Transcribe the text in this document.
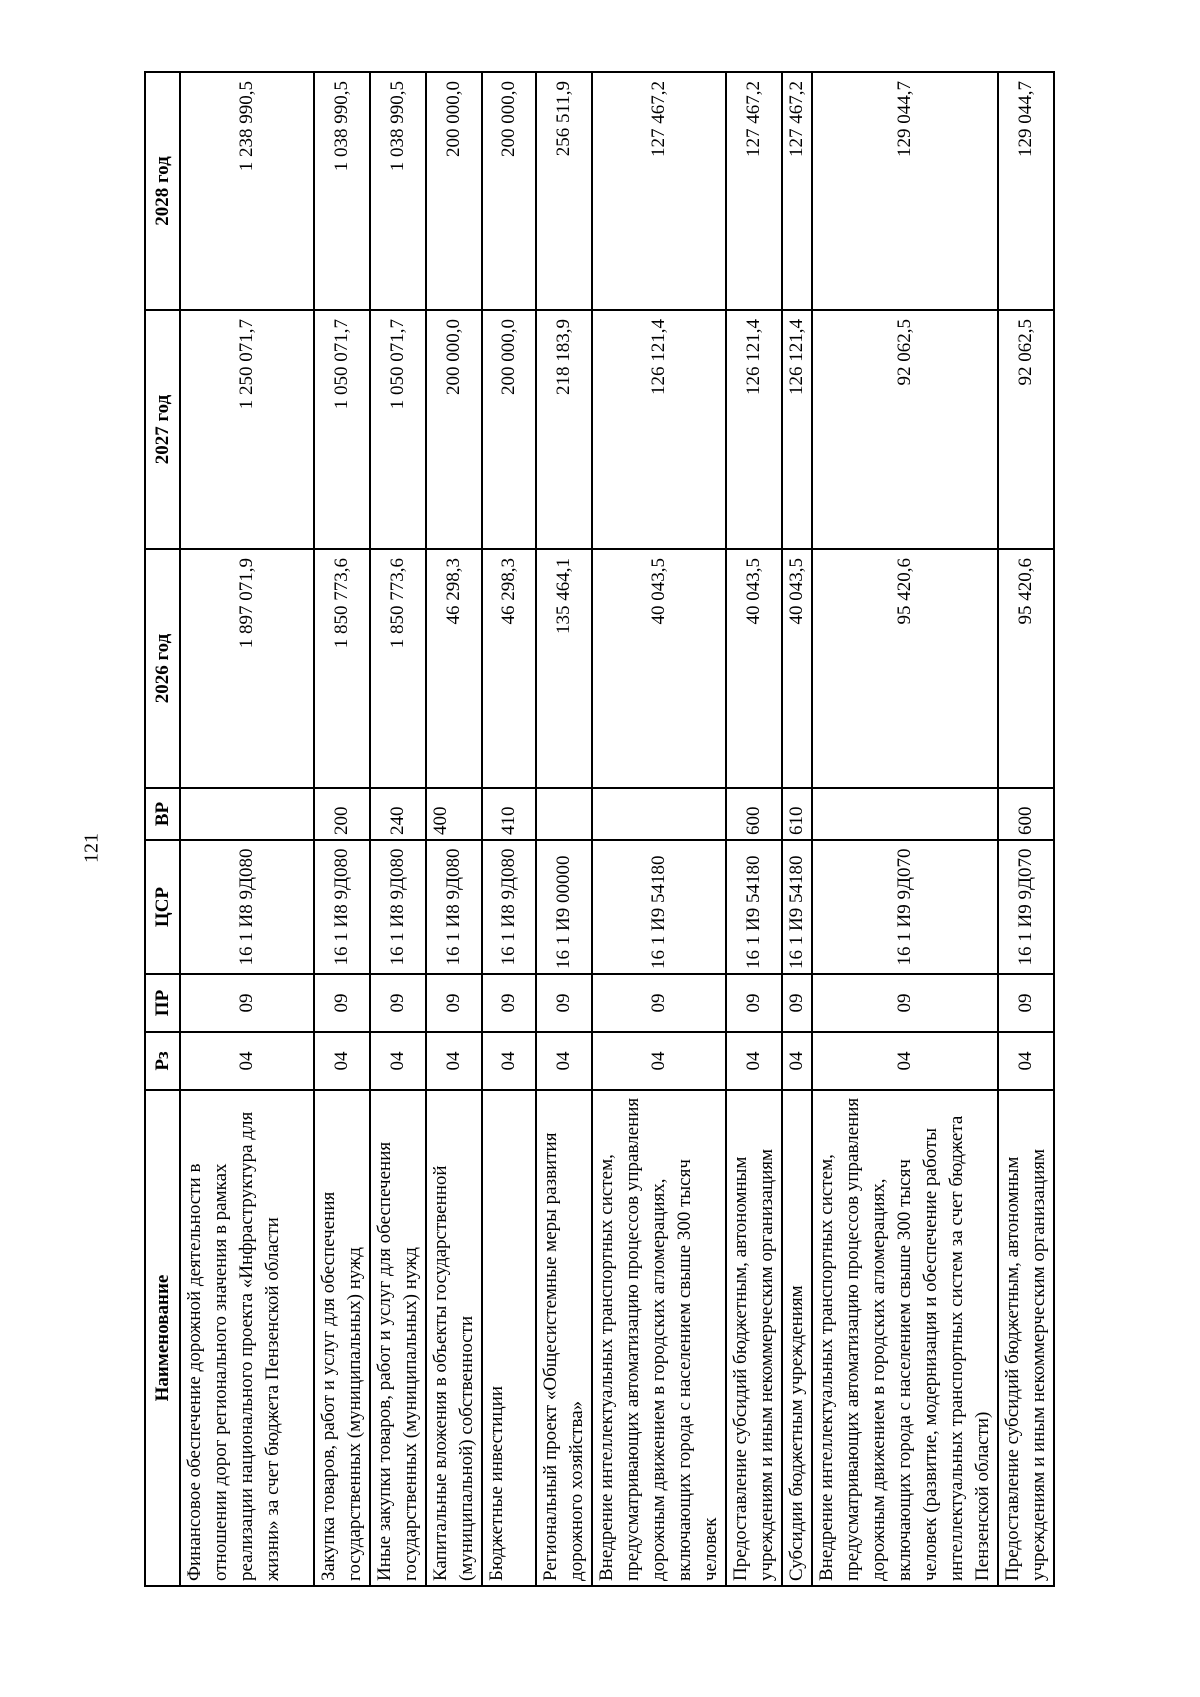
121
Наименование	Рз	ПР	ЦСР	ВР	2026 год	2027 год	2028 год
Финансовое обеспечение дорожной деятельности в отношении дорог регионального значения в рамках реализации национального проекта «Инфраструктура для жизни» за счет бюджета Пензенской области	04	09	16 1 И8 9Д080		1 897 071,9	1 250 071,7	1 238 990,5
Закупка товаров, работ и услуг для обеспечения государственных (муниципальных) нужд	04	09	16 1 И8 9Д080	200	1 850 773,6	1 050 071,7	1 038 990,5
Иные закупки товаров, работ и услуг для обеспечения государственных (муниципальных) нужд	04	09	16 1 И8 9Д080	240	1 850 773,6	1 050 071,7	1 038 990,5
Капитальные вложения в объекты государственной (муниципальной) собственности	04	09	16 1 И8 9Д080	400	46 298,3	200 000,0	200 000,0
Бюджетные инвестиции	04	09	16 1 И8 9Д080	410	46 298,3	200 000,0	200 000,0
Региональный проект «Общесистемные меры развития дорожного хозяйства»	04	09	16 1 И9 00000		135 464,1	218 183,9	256 511,9
Внедрение интеллектуальных транспортных систем, предусматривающих автоматизацию процессов управления дорожным движением в городских агломерациях, включающих города с населением свыше 300 тысяч человек	04	09	16 1 И9 54180		40 043,5	126 121,4	127 467,2
Предоставление субсидий бюджетным, автономным учреждениям и иным некоммерческим организациям	04	09	16 1 И9 54180	600	40 043,5	126 121,4	127 467,2
Субсидии бюджетным учреждениям	04	09	16 1 И9 54180	610	40 043,5	126 121,4	127 467,2
Внедрение интеллектуальных транспортных систем, предусматривающих автоматизацию процессов управления дорожным движением в городских агломерациях, включающих города с населением свыше 300 тысяч человек (развитие, модернизация и обеспечение работы интеллектуальных транспортных систем за счет бюджета Пензенской области)	04	09	16 1 И9 9Д070		95 420,6	92 062,5	129 044,7
Предоставление субсидий бюджетным, автономным учреждениям и иным некоммерческим организациям	04	09	16 1 И9 9Д070	600	95 420,6	92 062,5	129 044,7
